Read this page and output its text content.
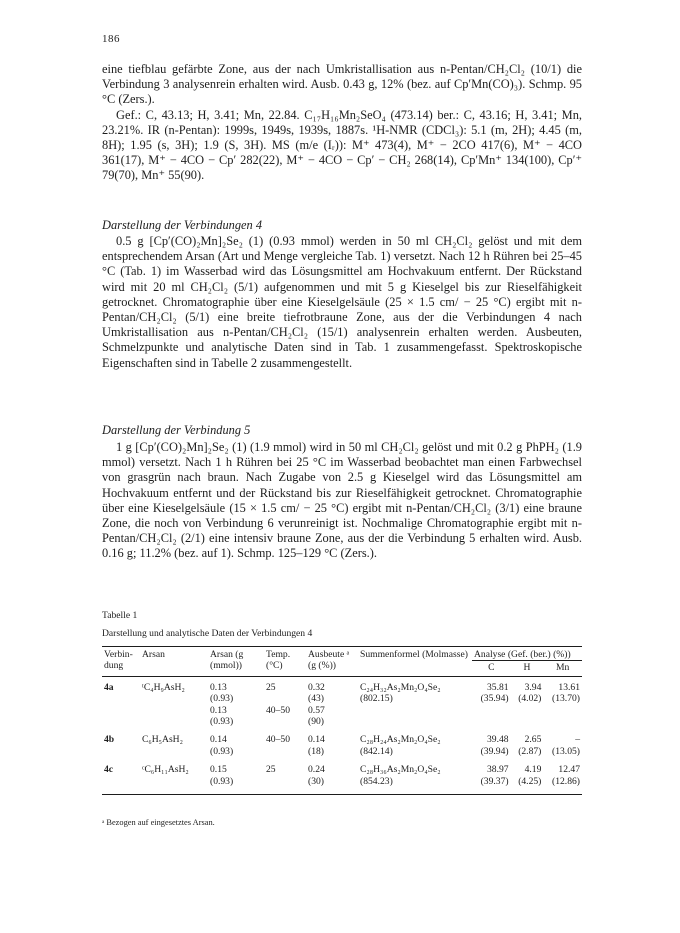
186

eine tiefblau gefärbte Zone, aus der nach Umkristallisation aus n-Pentan/CH₂Cl₂ (10/1) die Verbindung 3 analysenrein erhalten wird. Ausb. 0.43 g, 12% (bez. auf Cp′Mn(CO)₃). Schmp. 95 °C (Zers.).

Gef.: C, 43.13; H, 3.41; Mn, 22.84. C₁₇H₁₆Mn₂SeO₄ (473.14) ber.: C, 43.16; H, 3.41; Mn, 23.21%. IR (n-Pentan): 1999s, 1949s, 1939s, 1887s. ¹H-NMR (CDCl₃): 5.1 (m, 2H); 4.45 (m, 8H); 1.95 (s, 3H); 1.9 (S, 3H). MS (m/e (Iᵣ)): M⁺ 473(4), M⁺ − 2CO 417(6), M⁺ − 4CO 361(17), M⁺ − 4CO − Cp′ 282(22), M⁺ − 4CO − Cp′ − CH₂ 268(14), Cp′Mn⁺ 134(100), Cp′⁺ 79(70), Mn⁺ 55(90).

Darstellung der Verbindungen 4
0.5 g [Cp′(CO)₂Mn]₂Se₂ (1) (0.93 mmol) werden in 50 ml CH₂Cl₂ gelöst und mit dem entsprechendem Arsan (Art und Menge vergleiche Tab. 1) versetzt. Nach 12 h Rühren bei 25–45 °C (Tab. 1) im Wasserbad wird das Lösungsmittel am Hochvakuum entfernt. Der Rückstand wird mit 20 ml CH₂Cl₂ (5/1) aufgenommen und mit 5 g Kieselgel bis zur Rieselfähigkeit getrocknet. Chromatographie über eine Kieselgelsäule (25 × 1.5 cm/ − 25 °C) ergibt mit n-Pentan/CH₂Cl₂ (5/1) eine breite tiefrotbraune Zone, aus der die Verbindungen 4 nach Umkristallisation aus n-Pentan/CH₂Cl₂ (15/1) analysenrein erhalten werden. Ausbeuten, Schmelzpunkte und analytische Daten sind in Tab. 1 zusammengefasst. Spektroskopische Eigenschaften sind in Tabelle 2 zusammengestellt.
Darstellung der Verbindung 5
1 g [Cp′(CO)₂Mn]₂Se₂ (1) (1.9 mmol) wird in 50 ml CH₂Cl₂ gelöst und mit 0.2 g PhPH₂ (1.9 mmol) versetzt. Nach 1 h Rühren bei 25 °C im Wasserbad beobachtet man einen Farbwechsel von grasgrün nach braun. Nach Zugabe von 2.5 g Kieselgel wird das Lösungsmittel am Hochvakuum entfernt und der Rückstand bis zur Rieselfähigkeit getrocknet. Chromatographie über eine Kieselgelsäule (15 × 1.5 cm/ − 25 °C) ergibt mit n-Pentan/CH₂Cl₂ (3/1) eine braune Zone, die noch von Verbindung 6 verunreinigt ist. Nochmalige Chromatographie ergibt mit n-Pentan/CH₂Cl₂ (2/1) eine intensiv braune Zone, aus der die Verbindung 5 erhalten wird. Ausb. 0.16 g; 11.2% (bez. auf 1). Schmp. 125–129 °C (Zers.).
Tabelle 1
Darstellung und analytische Daten der Verbindungen 4
Verbin- dung	Arsan	Arsan (g (mmol))	Temp. (°C)	Ausbeute ᵃ (g (%))	Summenformel (Molmasse)	Analyse (Gef. (ber.) (%))		
						C	H	Mn

4a	ᵗC₄H₉AsH₂	0.13	25	0.32	C₂₄H₃₂As₂Mn₂O₄Se₂	35.81	3.94	13.61
		(0.93)		(43)	(802.15)	(35.94)	(4.02)	(13.70)
		0.13	40–50	0.57				
		(0.93)		(90)				

4b	C₆H₅AsH₂	0.14	40–50	0.14	C₂₈H₂₄As₂Mn₂O₄Se₂	39.48	2.65	–
		(0.93)		(18)	(842.14)	(39.94)	(2.87)	(13.05)

4c	ᶜC₆H₁₁AsH₂	0.15	25	0.24	C₂₈H₃₆As₂Mn₂O₄Se₂	38.97	4.19	12.47
		(0.93)		(30)	(854.23)	(39.37)	(4.25)	(12.86)

ᵃ Bezogen auf eingesetztes Arsan.
